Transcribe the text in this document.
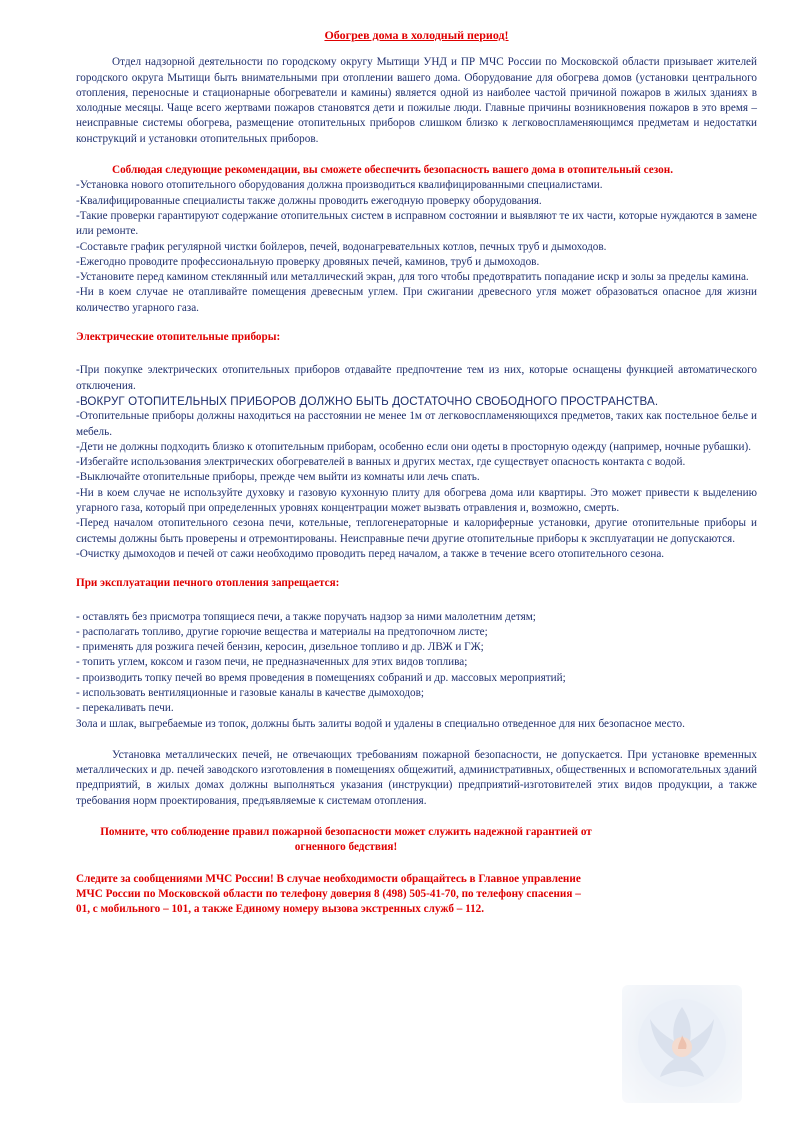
Обогрев дома в холодный период!

Отдел надзорной деятельности по городскому округу Мытищи УНД и ПР МЧС России по Московской области призывает жителей городского округа Мытищи быть внимательными при отоплении вашего дома. Оборудование для обогрева домов (установки центрального отопления, переносные и стационарные обогреватели и камины) является одной из наиболее частой причиной пожаров в жилых зданиях в холодные месяцы. Чаще всего жертвами пожаров становятся дети и пожилые люди. Главные причины возникновения пожаров в это время – неисправные системы обогрева, размещение отопительных приборов слишком близко к легковоспламеняющимся предметам и недостатки конструкций и установки отопительных приборов.

Соблюдая следующие рекомендации, вы сможете обеспечить безопасность вашего дома в отопительный сезон.

-Установка нового отопительного оборудования должна производиться квалифицированными специалистами.

-Квалифицированные специалисты также должны проводить ежегодную проверку оборудования.

-Такие проверки гарантируют содержание отопительных систем в исправном состоянии и выявляют те их части, которые нуждаются в замене или ремонте.

-Составьте график регулярной чистки бойлеров, печей, водонагревательных котлов, печных труб и дымоходов.

-Ежегодно проводите профессиональную проверку дровяных печей, каминов, труб и дымоходов.

-Установите перед камином стеклянный или металлический экран, для того чтобы предотвратить попадание искр и золы за пределы камина.

-Ни в коем случае не отапливайте помещения древесным углем. При сжигании древесного угля может образоваться опасное для жизни количество угарного газа.

Электрические отопительные приборы:

-При покупке электрических отопительных приборов отдавайте предпочтение тем из них, которые оснащены функцией автоматического отключения.

-ВОКРУГ ОТОПИТЕЛЬНЫХ ПРИБОРОВ ДОЛЖНО БЫТЬ ДОСТАТОЧНО СВОБОДНОГО ПРОСТРАНСТВА.

-Отопительные приборы должны находиться на расстоянии не менее 1м от легковоспламеняющихся предметов, таких как постельное белье и мебель.

-Дети не должны подходить близко к отопительным приборам, особенно если они одеты в просторную одежду (например, ночные рубашки).

-Избегайте использования электрических обогревателей в ванных и других местах, где существует опасность контакта с водой.

-Выключайте отопительные приборы, прежде чем выйти из комнаты или лечь спать.

-Ни в коем случае не используйте духовку и газовую кухонную плиту для обогрева дома или квартиры. Это может привести к выделению угарного газа, который при определенных уровнях концентрации может вызвать отравления и, возможно, смерть.

-Перед началом отопительного сезона печи, котельные, теплогенераторные и калориферные установки, другие отопительные приборы и системы должны быть проверены и отремонтированы. Неисправные печи другие отопительные приборы к эксплуатации не допускаются.

-Очистку дымоходов и печей от сажи необходимо проводить перед началом, а также в течение всего отопительного сезона.

При эксплуатации печного отопления запрещается:

- оставлять без присмотра топящиеся печи, а также поручать надзор за ними малолетним детям;

- располагать топливо, другие горючие вещества и материалы на предтопочном листе;

- применять для розжига печей бензин, керосин, дизельное топливо и др. ЛВЖ и ГЖ;

- топить углем, коксом и газом печи, не предназначенных для этих видов топлива;

- производить топку печей во время проведения в помещениях собраний и др. массовых мероприятий;

- использовать вентиляционные и газовые каналы в качестве дымоходов;

- перекаливать печи.

Зола и шлак, выгребаемые из топок, должны быть залиты водой и удалены в специально отведенное для них безопасное место.

Установка металлических печей, не отвечающих требованиям пожарной безопасности, не допускается. При установке временных металлических и др. печей заводского изготовления в помещениях общежитий, административных, общественных и вспомогательных зданий предприятий, в жилых домах должны выполняться указания (инструкции) предприятий-изготовителей этих видов продукции, а также требования норм проектирования, предъявляемые к системам отопления.

Помните, что соблюдение правил пожарной безопасности может служить надежной гарантией от огненного бедствия!

Следите за сообщениями МЧС России! В случае необходимости обращайтесь в Главное управление МЧС России по Московской области по телефону доверия 8 (498) 505-41-70, по телефону спасения – 01, с мобильного – 101, а также Единому номеру вызова экстренных служб – 112.
